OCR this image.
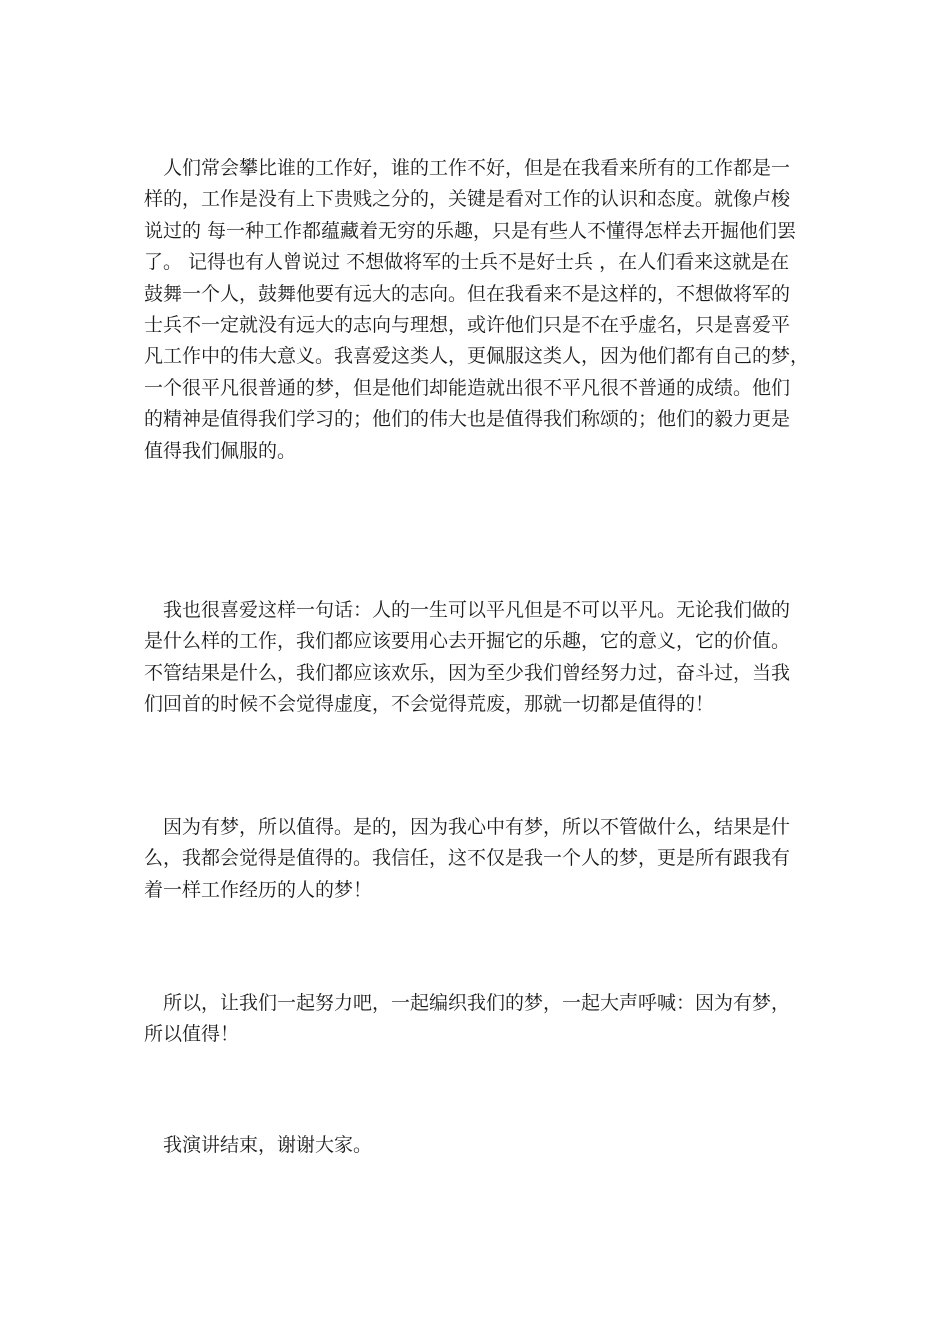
　人们常会攀比谁的工作好，谁的工作不好，但是在我看来所有的工作都是一
样的，工作是没有上下贵贱之分的，关键是看对工作的认识和态度。就像卢梭
说过的 每一种工作都蕴藏着无穷的乐趣，只是有些人不懂得怎样去开掘他们罢
了。 记得也有人曾说过 不想做将军的士兵不是好士兵 ，在人们看来这就是在
鼓舞一个人，鼓舞他要有远大的志向。但在我看来不是这样的，不想做将军的
士兵不一定就没有远大的志向与理想，或许他们只是不在乎虚名，只是喜爱平
凡工作中的伟大意义。我喜爱这类人，更佩服这类人，因为他们都有自己的梦，
一个很平凡很普通的梦，但是他们却能造就出很不平凡很不普通的成绩。他们
的精神是值得我们学习的；他们的伟大也是值得我们称颂的；他们的毅力更是
值得我们佩服的。

　我也很喜爱这样一句话：人的一生可以平凡但是不可以平凡。无论我们做的
是什么样的工作，我们都应该要用心去开掘它的乐趣，它的意义，它的价值。
不管结果是什么，我们都应该欢乐，因为至少我们曾经努力过，奋斗过，当我
们回首的时候不会觉得虚度，不会觉得荒废，那就一切都是值得的！

　因为有梦，所以值得。是的，因为我心中有梦，所以不管做什么，结果是什
么，我都会觉得是值得的。我信任，这不仅是我一个人的梦，更是所有跟我有
着一样工作经历的人的梦！

　所以，让我们一起努力吧，一起编织我们的梦，一起大声呼喊：因为有梦，
所以值得！

　我演讲结束，谢谢大家。
